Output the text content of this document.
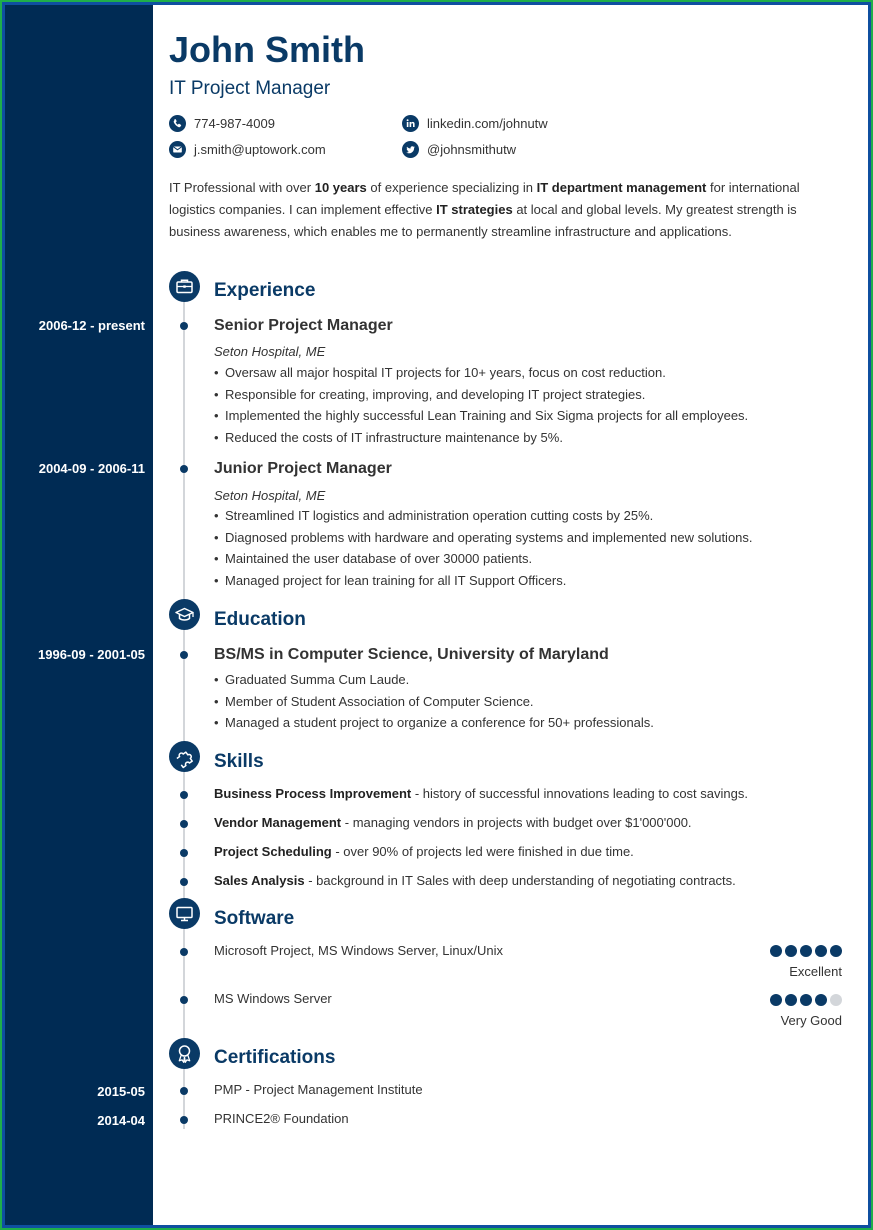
John Smith
IT Project Manager
774-987-4009
j.smith@uptowork.com
linkedin.com/johnutw
@johnsmithutw
IT Professional with over 10 years of experience specializing in IT department management for international logistics companies. I can implement effective IT strategies at local and global levels. My greatest strength is business awareness, which enables me to permanently streamline infrastructure and applications.
Experience
2006-12 - present	Senior Project Manager
Seton Hospital, ME
• Oversaw all major hospital IT projects for 10+ years, focus on cost reduction.
• Responsible for creating, improving, and developing IT project strategies.
• Implemented the highly successful Lean Training and Six Sigma projects for all employees.
• Reduced the costs of IT infrastructure maintenance by 5%.
2004-09 - 2006-11	Junior Project Manager
Seton Hospital, ME
• Streamlined IT logistics and administration operation cutting costs by 25%.
• Diagnosed problems with hardware and operating systems and implemented new solutions.
• Maintained the user database of over 30000 patients.
• Managed project for lean training for all IT Support Officers.
Education
1996-09 - 2001-05	BS/MS in Computer Science, University of Maryland
• Graduated Summa Cum Laude.
• Member of Student Association of Computer Science.
• Managed a student project to organize a conference for 50+ professionals.
Skills
Business Process Improvement - history of successful innovations leading to cost savings.
Vendor Management - managing vendors in projects with budget over $1'000'000.
Project Scheduling - over 90% of projects led were finished in due time.
Sales Analysis - background in IT Sales with deep understanding of negotiating contracts.
Software
Microsoft Project, MS Windows Server, Linux/Unix
Excellent
MS Windows Server
Very Good
Certifications
2015-05	PMP - Project Management Institute
2014-04	PRINCE2® Foundation
